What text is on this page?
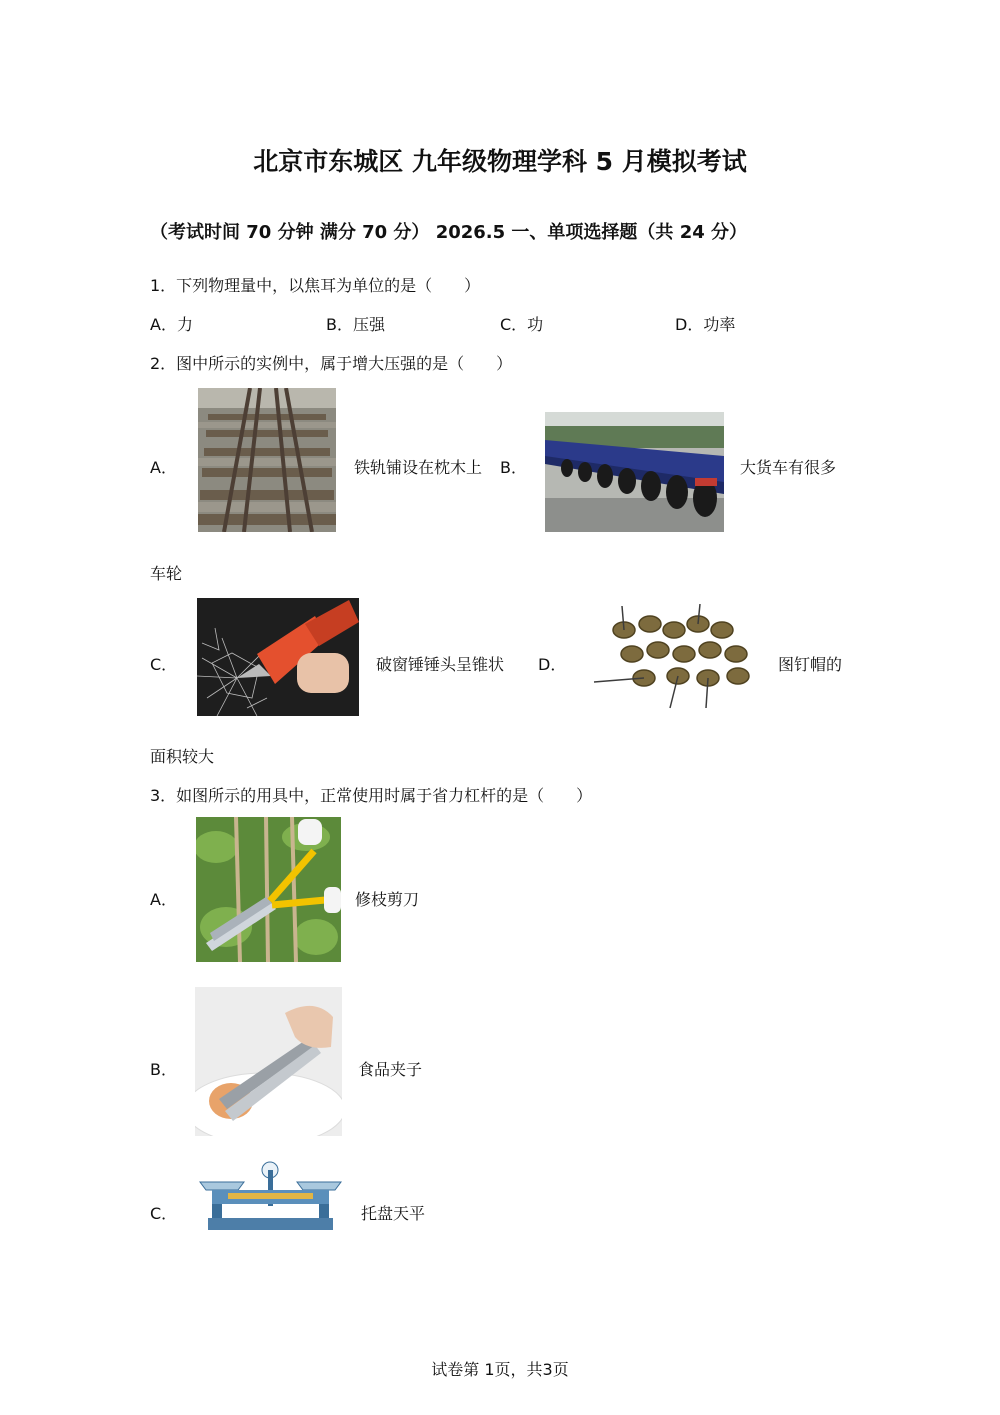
北京市东城区 九年级物理学科 5 月模拟考试
（考试时间 70 分钟 满分 70 分） 2026.5 一、单项选择题（共 24 分）
1．下列物理量中，以焦耳为单位的是（　　）
A．力	B．压强	C．功	D．功率
2．图中所示的实例中，属于增大压强的是（　　）
A．	铁轨铺设在枕木上 B．	大货车有很多
车轮
C．	破窗锤锤头呈锥状 D．	图钉帽的
面积较大
3．如图所示的用具中，正常使用时属于省力杠杆的是（　　）
A．	修枝剪刀
B．	食品夹子
C．	托盘天平
试卷第 1页，共3页
